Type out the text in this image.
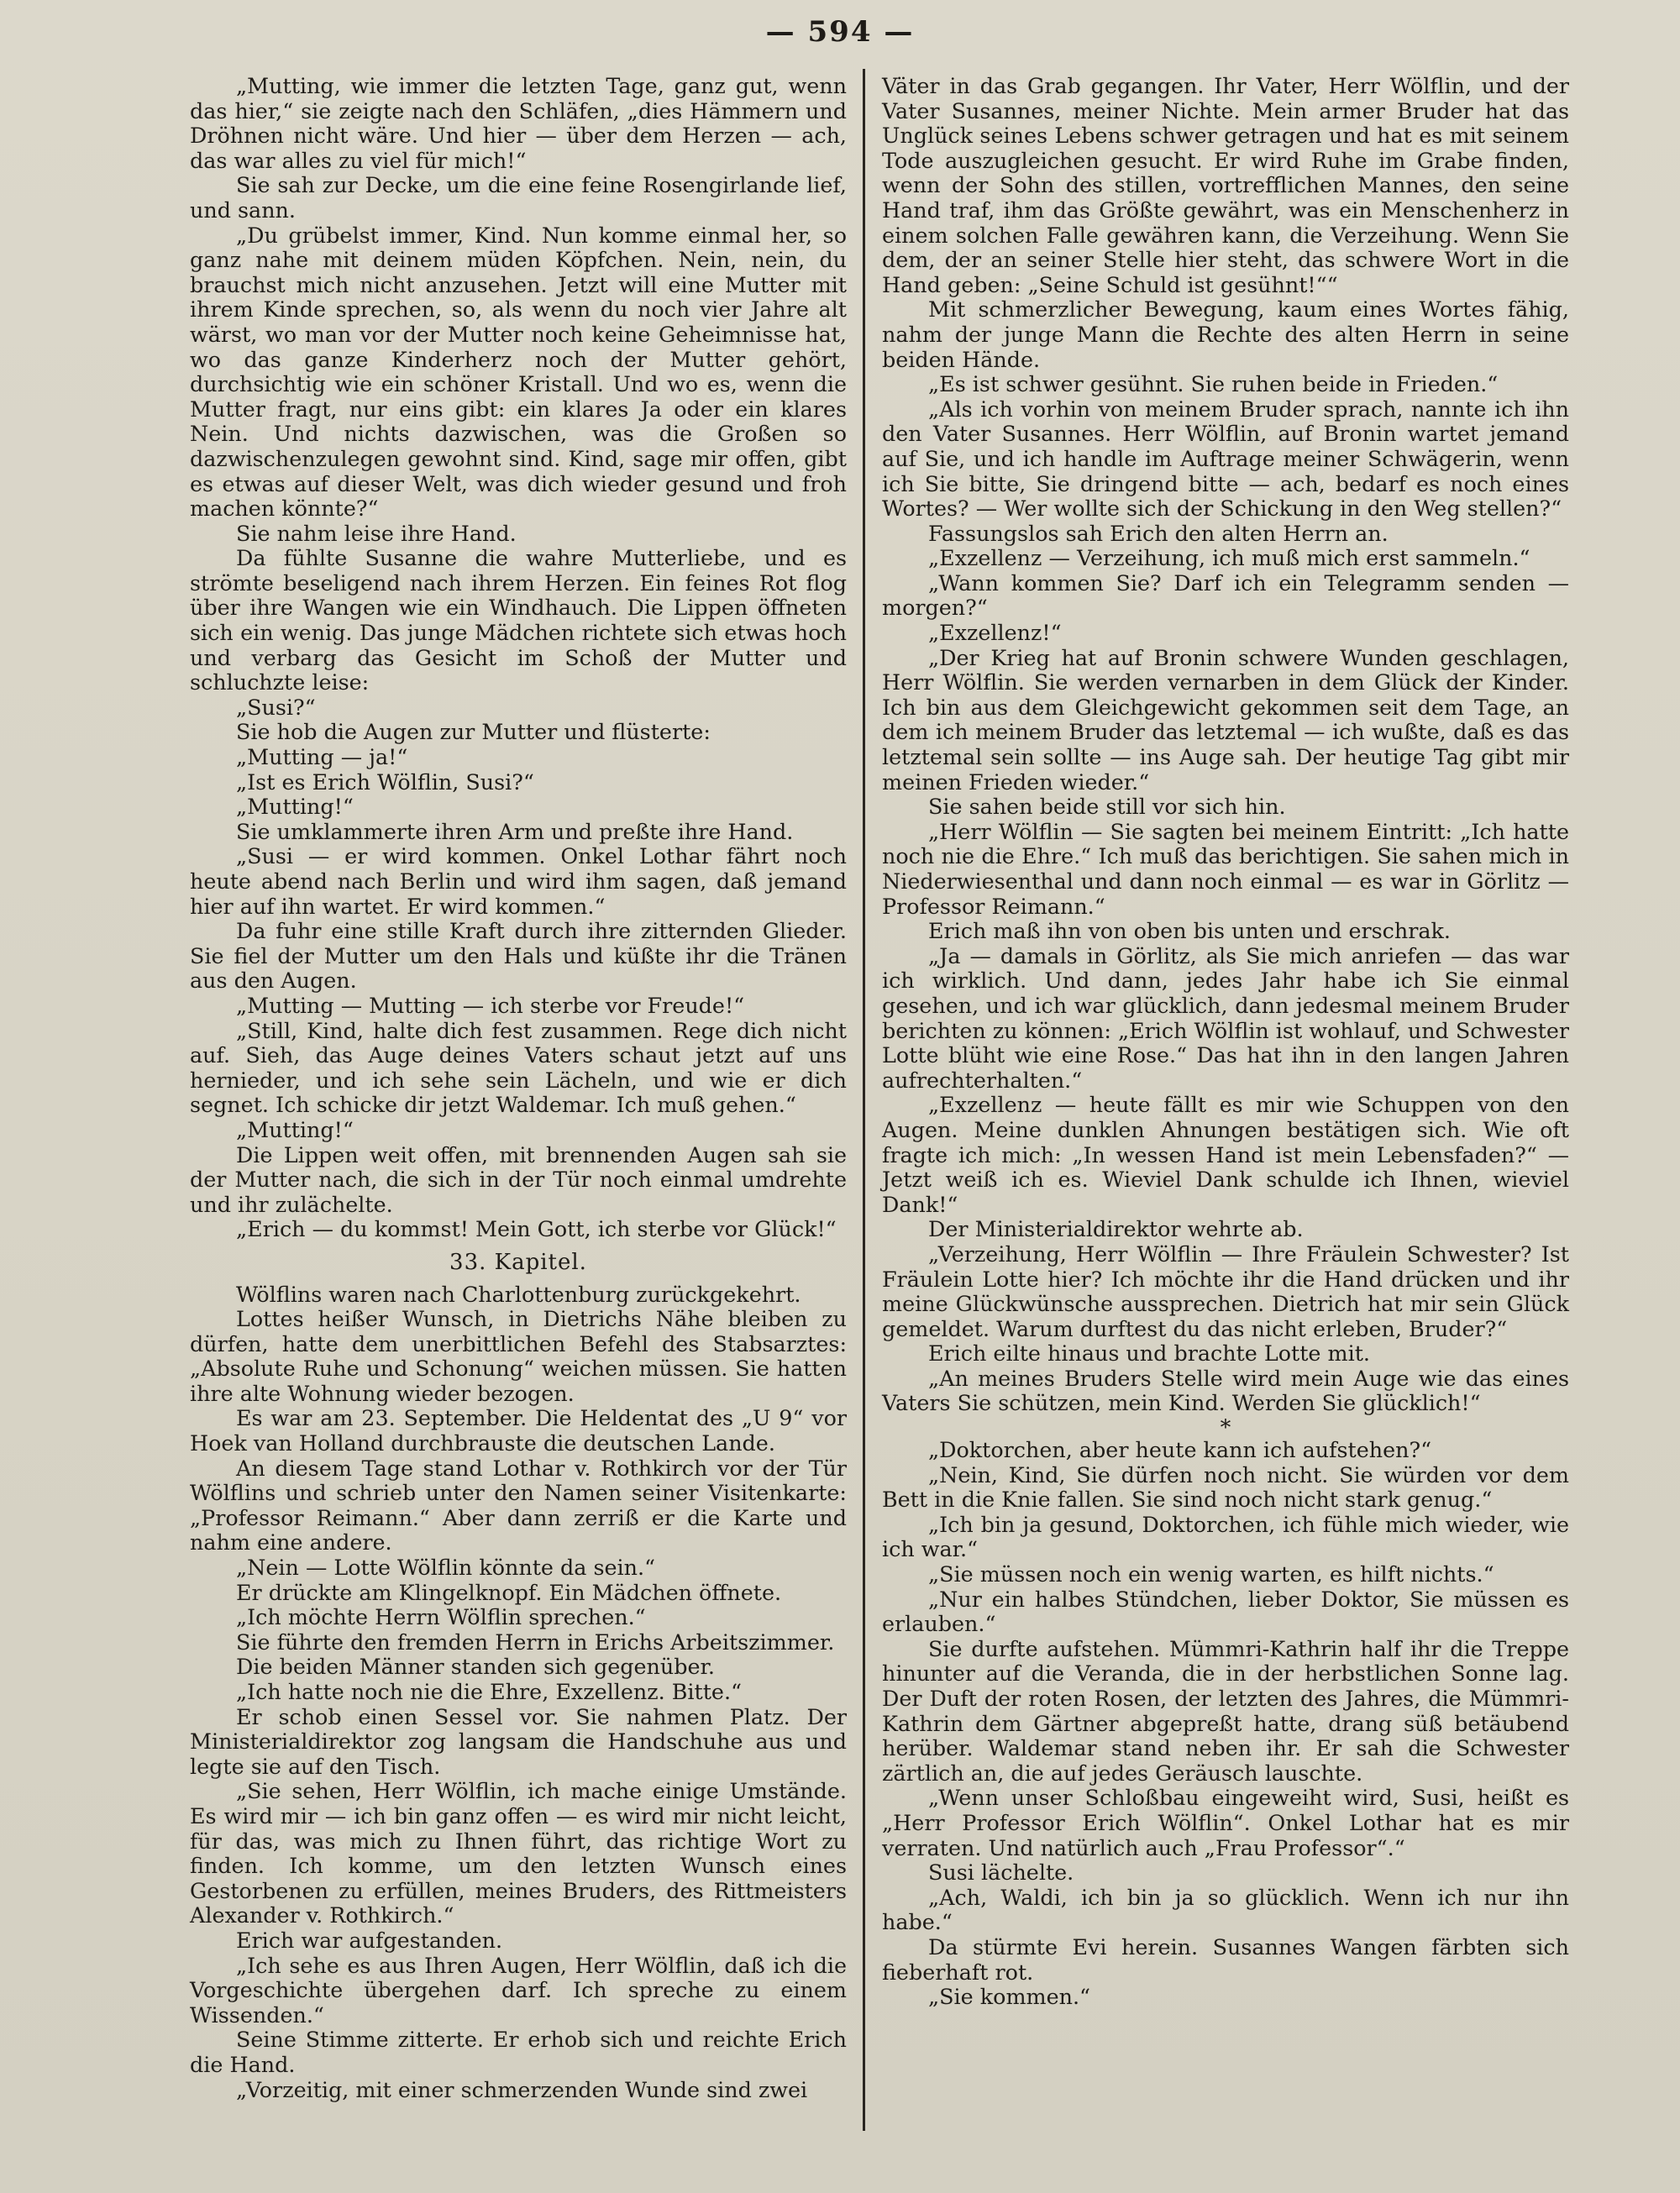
— 594 —

„Mutting, wie immer die letzten Tage, ganz gut, wenn das hier,“ sie zeigte nach den Schläfen, „dies Hämmern und Dröhnen nicht wäre. Und hier — über dem Herzen — ach, das war alles zu viel für mich!“

Sie sah zur Decke, um die eine feine Rosengirlande lief, und sann.

„Du grübelst immer, Kind. Nun komme einmal her, so ganz nahe mit deinem müden Köpfchen. Nein, nein, du brauchst mich nicht anzusehen. Jetzt will eine Mutter mit ihrem Kinde sprechen, so, als wenn du noch vier Jahre alt wärst, wo man vor der Mutter noch keine Geheimnisse hat, wo das ganze Kinderherz noch der Mutter gehört, durchsichtig wie ein schöner Kristall. Und wo es, wenn die Mutter fragt, nur eins gibt: ein klares Ja oder ein klares Nein. Und nichts dazwischen, was die Großen so dazwischenzulegen gewohnt sind. Kind, sage mir offen, gibt es etwas auf dieser Welt, was dich wieder gesund und froh machen könnte?“

Sie nahm leise ihre Hand.

Da fühlte Susanne die wahre Mutterliebe, und es strömte beseligend nach ihrem Herzen. Ein feines Rot flog über ihre Wangen wie ein Windhauch. Die Lippen öffneten sich ein wenig. Das junge Mädchen richtete sich etwas hoch und verbarg das Gesicht im Schoß der Mutter und schluchzte leise:

„Susi?“

Sie hob die Augen zur Mutter und flüsterte:

„Mutting — ja!“

„Ist es Erich Wölflin, Susi?“

„Mutting!“

Sie umklammerte ihren Arm und preßte ihre Hand.

„Susi — er wird kommen. Onkel Lothar fährt noch heute abend nach Berlin und wird ihm sagen, daß jemand hier auf ihn wartet. Er wird kommen.“

Da fuhr eine stille Kraft durch ihre zitternden Glieder. Sie fiel der Mutter um den Hals und küßte ihr die Tränen aus den Augen.

„Mutting — Mutting — ich sterbe vor Freude!“

„Still, Kind, halte dich fest zusammen. Rege dich nicht auf. Sieh, das Auge deines Vaters schaut jetzt auf uns hernieder, und ich sehe sein Lächeln, und wie er dich segnet. Ich schicke dir jetzt Waldemar. Ich muß gehen.“

„Mutting!“

Die Lippen weit offen, mit brennenden Augen sah sie der Mutter nach, die sich in der Tür noch einmal umdrehte und ihr zulächelte.

„Erich — du kommst! Mein Gott, ich sterbe vor Glück!“

33. Kapitel.

Wölflins waren nach Charlottenburg zurückgekehrt.

Lottes heißer Wunsch, in Dietrichs Nähe bleiben zu dürfen, hatte dem unerbittlichen Befehl des Stabsarztes: „Absolute Ruhe und Schonung“ weichen müssen. Sie hatten ihre alte Wohnung wieder bezogen.

Es war am 23. September. Die Heldentat des „U 9“ vor Hoek van Holland durchbrauste die deutschen Lande.

An diesem Tage stand Lothar v. Rothkirch vor der Tür Wölflins und schrieb unter den Namen seiner Visitenkarte: „Professor Reimann.“ Aber dann zerriß er die Karte und nahm eine andere.

„Nein — Lotte Wölflin könnte da sein.“

Er drückte am Klingelknopf. Ein Mädchen öffnete.

„Ich möchte Herrn Wölflin sprechen.“

Sie führte den fremden Herrn in Erichs Arbeitszimmer.

Die beiden Männer standen sich gegenüber.

„Ich hatte noch nie die Ehre, Exzellenz. Bitte.“

Er schob einen Sessel vor. Sie nahmen Platz. Der Ministerialdirektor zog langsam die Handschuhe aus und legte sie auf den Tisch.

„Sie sehen, Herr Wölflin, ich mache einige Umstände. Es wird mir — ich bin ganz offen — es wird mir nicht leicht, für das, was mich zu Ihnen führt, das richtige Wort zu finden. Ich komme, um den letzten Wunsch eines Gestorbenen zu erfüllen, meines Bruders, des Rittmeisters Alexander v. Rothkirch.“

Erich war aufgestanden.

„Ich sehe es aus Ihren Augen, Herr Wölflin, daß ich die Vorgeschichte übergehen darf. Ich spreche zu einem Wissenden.“

Seine Stimme zitterte. Er erhob sich und reichte Erich die Hand.

„Vorzeitig, mit einer schmerzenden Wunde sind zwei

Väter in das Grab gegangen. Ihr Vater, Herr Wölflin, und der Vater Susannes, meiner Nichte. Mein armer Bruder hat das Unglück seines Lebens schwer getragen und hat es mit seinem Tode auszugleichen gesucht. Er wird Ruhe im Grabe finden, wenn der Sohn des stillen, vortrefflichen Mannes, den seine Hand traf, ihm das Größte gewährt, was ein Menschenherz in einem solchen Falle gewähren kann, die Verzeihung. Wenn Sie dem, der an seiner Stelle hier steht, das schwere Wort in die Hand geben: „Seine Schuld ist gesühnt!““

Mit schmerzlicher Bewegung, kaum eines Wortes fähig, nahm der junge Mann die Rechte des alten Herrn in seine beiden Hände.

„Es ist schwer gesühnt. Sie ruhen beide in Frieden.“

„Als ich vorhin von meinem Bruder sprach, nannte ich ihn den Vater Susannes. Herr Wölflin, auf Bronin wartet jemand auf Sie, und ich handle im Auftrage meiner Schwägerin, wenn ich Sie bitte, Sie dringend bitte — ach, bedarf es noch eines Wortes? — Wer wollte sich der Schickung in den Weg stellen?“

Fassungslos sah Erich den alten Herrn an.

„Exzellenz — Verzeihung, ich muß mich erst sammeln.“

„Wann kommen Sie? Darf ich ein Telegramm senden — morgen?“

„Exzellenz!“

„Der Krieg hat auf Bronin schwere Wunden geschlagen, Herr Wölflin. Sie werden vernarben in dem Glück der Kinder. Ich bin aus dem Gleichgewicht gekommen seit dem Tage, an dem ich meinem Bruder das letztemal — ich wußte, daß es das letztemal sein sollte — ins Auge sah. Der heutige Tag gibt mir meinen Frieden wieder.“

Sie sahen beide still vor sich hin.

„Herr Wölflin — Sie sagten bei meinem Eintritt: „Ich hatte noch nie die Ehre.“ Ich muß das berichtigen. Sie sahen mich in Niederwiesenthal und dann noch einmal — es war in Görlitz — Professor Reimann.“

Erich maß ihn von oben bis unten und erschrak.

„Ja — damals in Görlitz, als Sie mich anriefen — das war ich wirklich. Und dann, jedes Jahr habe ich Sie einmal gesehen, und ich war glücklich, dann jedesmal meinem Bruder berichten zu können: „Erich Wölflin ist wohlauf, und Schwester Lotte blüht wie eine Rose.“ Das hat ihn in den langen Jahren aufrechterhalten.“

„Exzellenz — heute fällt es mir wie Schuppen von den Augen. Meine dunklen Ahnungen bestätigen sich. Wie oft fragte ich mich: „In wessen Hand ist mein Lebensfaden?“ — Jetzt weiß ich es. Wieviel Dank schulde ich Ihnen, wieviel Dank!“

Der Ministerialdirektor wehrte ab.

„Verzeihung, Herr Wölflin — Ihre Fräulein Schwester? Ist Fräulein Lotte hier? Ich möchte ihr die Hand drücken und ihr meine Glückwünsche aussprechen. Dietrich hat mir sein Glück gemeldet. Warum durftest du das nicht erleben, Bruder?“

Erich eilte hinaus und brachte Lotte mit.

„An meines Bruders Stelle wird mein Auge wie das eines Vaters Sie schützen, mein Kind. Werden Sie glücklich!“

*

„Doktorchen, aber heute kann ich aufstehen?“

„Nein, Kind, Sie dürfen noch nicht. Sie würden vor dem Bett in die Knie fallen. Sie sind noch nicht stark genug.“

„Ich bin ja gesund, Doktorchen, ich fühle mich wieder, wie ich war.“

„Sie müssen noch ein wenig warten, es hilft nichts.“

„Nur ein halbes Stündchen, lieber Doktor, Sie müssen es erlauben.“

Sie durfte aufstehen. Mümmri-Kathrin half ihr die Treppe hinunter auf die Veranda, die in der herbstlichen Sonne lag. Der Duft der roten Rosen, der letzten des Jahres, die Mümmri-Kathrin dem Gärtner abgepreßt hatte, drang süß betäubend herüber. Waldemar stand neben ihr. Er sah die Schwester zärtlich an, die auf jedes Geräusch lauschte.

„Wenn unser Schloßbau eingeweiht wird, Susi, heißt es „Herr Professor Erich Wölflin“. Onkel Lothar hat es mir verraten. Und natürlich auch „Frau Professor“.“

Susi lächelte.

„Ach, Waldi, ich bin ja so glücklich. Wenn ich nur ihn habe.“

Da stürmte Evi herein. Susannes Wangen färbten sich fieberhaft rot.

„Sie kommen.“
